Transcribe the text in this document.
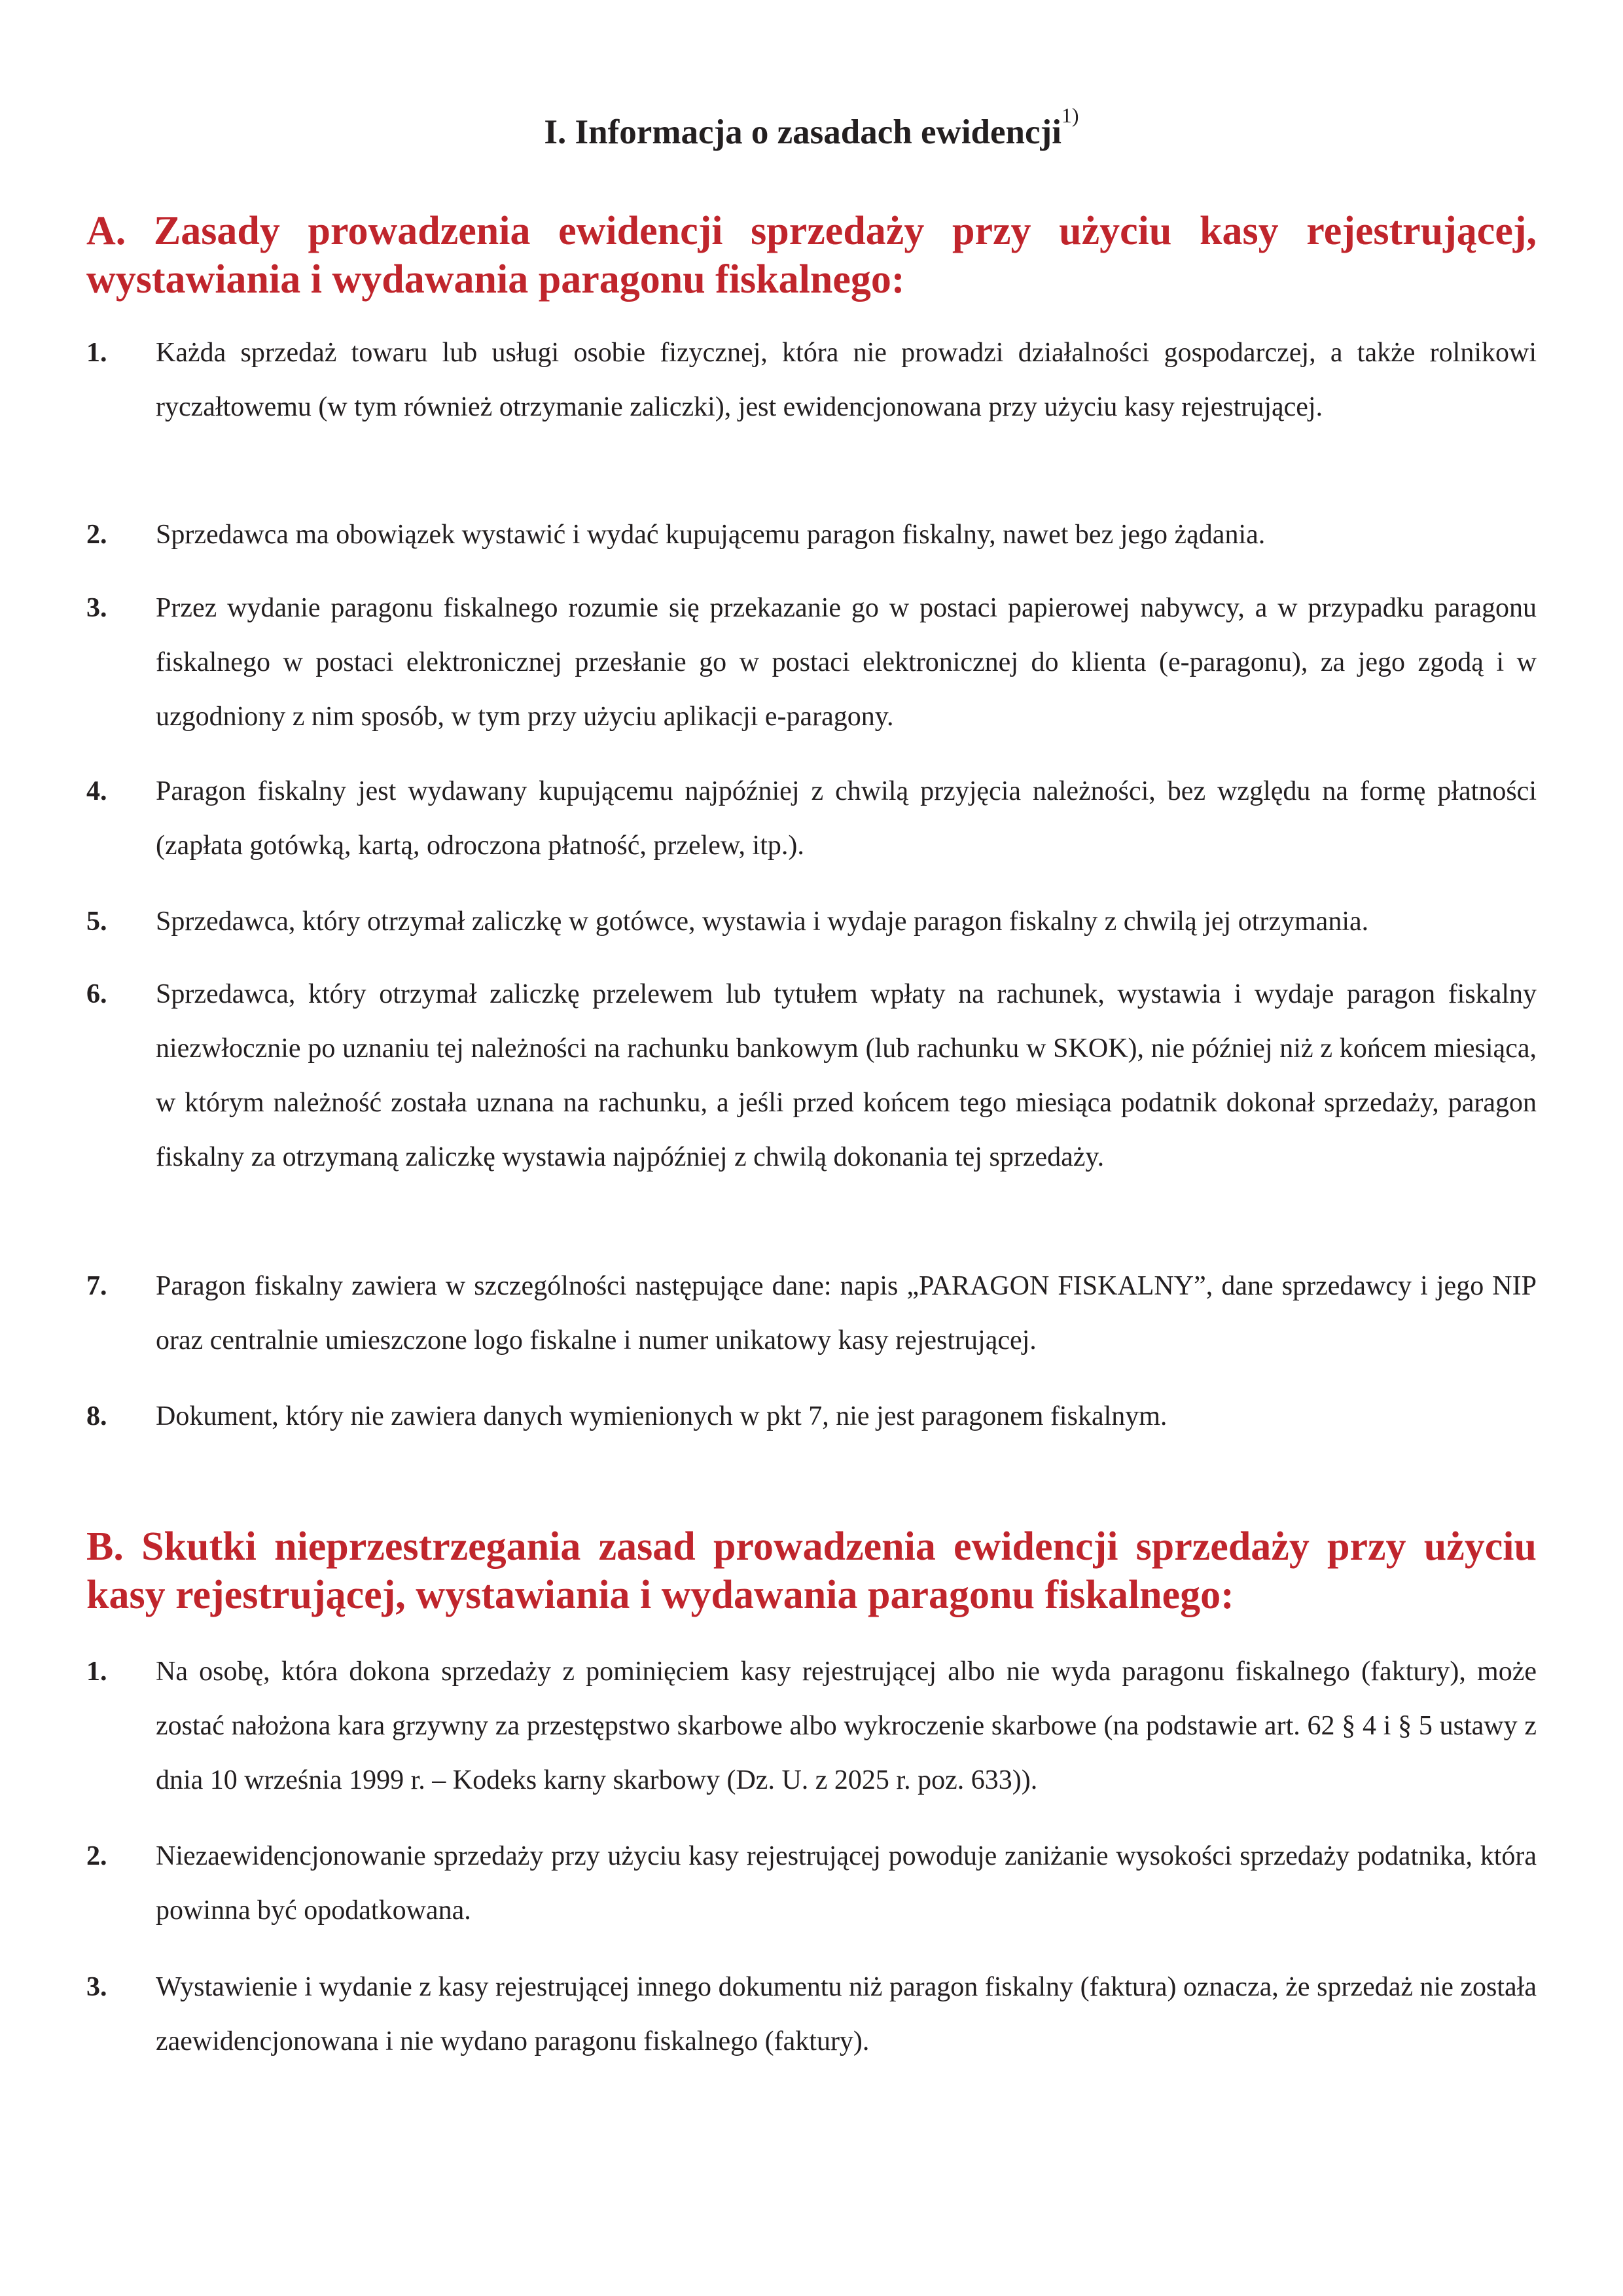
I. Informacja o zasadach ewidencji$^{1)}$
A. Zasady prowadzenia ewidencji sprzedaży przy użyciu kasy rejestrującej, wystawiania i wydawania paragonu fiskalnego:
1. Każda sprzedaż towaru lub usługi osobie fizycznej, która nie prowadzi działalności gospodarczej, a także rolnikowi ryczałtowemu (w tym również otrzymanie zaliczki), jest ewidencjonowana przy użyciu kasy rejestrującej.

2. Sprzedawca ma obowiązek wystawić i wydać kupującemu paragon fiskalny, nawet bez jego żądania.

3. Przez wydanie paragonu fiskalnego rozumie się przekazanie go w postaci papierowej nabywcy, a w przypadku paragonu fiskalnego w postaci elektronicznej przesłanie go w postaci elektronicznej do klienta (e-paragonu), za jego zgodą i w uzgodniony z nim sposób, w tym przy użyciu aplikacji e-paragony.

4. Paragon fiskalny jest wydawany kupującemu najpóźniej z chwilą przyjęcia należności, bez względu na formę płatności (zapłata gotówką, kartą, odroczona płatność, przelew, itp.).

5. Sprzedawca, który otrzymał zaliczkę w gotówce, wystawia i wydaje paragon fiskalny z chwilą jej otrzymania.

6. Sprzedawca, który otrzymał zaliczkę przelewem lub tytułem wpłaty na rachunek, wystawia i wydaje paragon fiskalny niezwłocznie po uznaniu tej należności na rachunku bankowym (lub rachunku w SKOK), nie później niż z końcem miesiąca, w którym należność została uznana na rachunku, a jeśli przed końcem tego miesiąca podatnik dokonał sprzedaży, paragon fiskalny za otrzymaną zaliczkę wystawia najpóźniej z chwilą dokonania tej sprzedaży.

7. Paragon fiskalny zawiera w szczególności następujące dane: napis „PARAGON FISKALNY”, dane sprzedawcy i jego NIP oraz centralnie umieszczone logo fiskalne i numer unikatowy kasy rejestrującej.

8. Dokument, który nie zawiera danych wymienionych w pkt 7, nie jest paragonem fiskalnym.

B. Skutki nieprzestrzegania zasad prowadzenia ewidencji sprzedaży przy użyciu kasy rejestrującej, wystawiania i wydawania paragonu fiskalnego:
1. Na osobę, która dokona sprzedaży z pominięciem kasy rejestrującej albo nie wyda paragonu fiskalnego (faktury), może zostać nałożona kara grzywny za przestępstwo skarbowe albo wykroczenie skarbowe (na podstawie art. 62 § 4 i § 5 ustawy z dnia 10 września 1999 r. – Kodeks karny skarbowy (Dz. U. z 2025 r. poz. 633)).

2. Niezaewidencjonowanie sprzedaży przy użyciu kasy rejestrującej powoduje zaniżanie wysokości sprzedaży podatnika, która powinna być opodatkowana.

3. Wystawienie i wydanie z kasy rejestrującej innego dokumentu niż paragon fiskalny (faktura) oznacza, że sprzedaż nie została zaewidencjonowana i nie wydano paragonu fiskalnego (faktury).
